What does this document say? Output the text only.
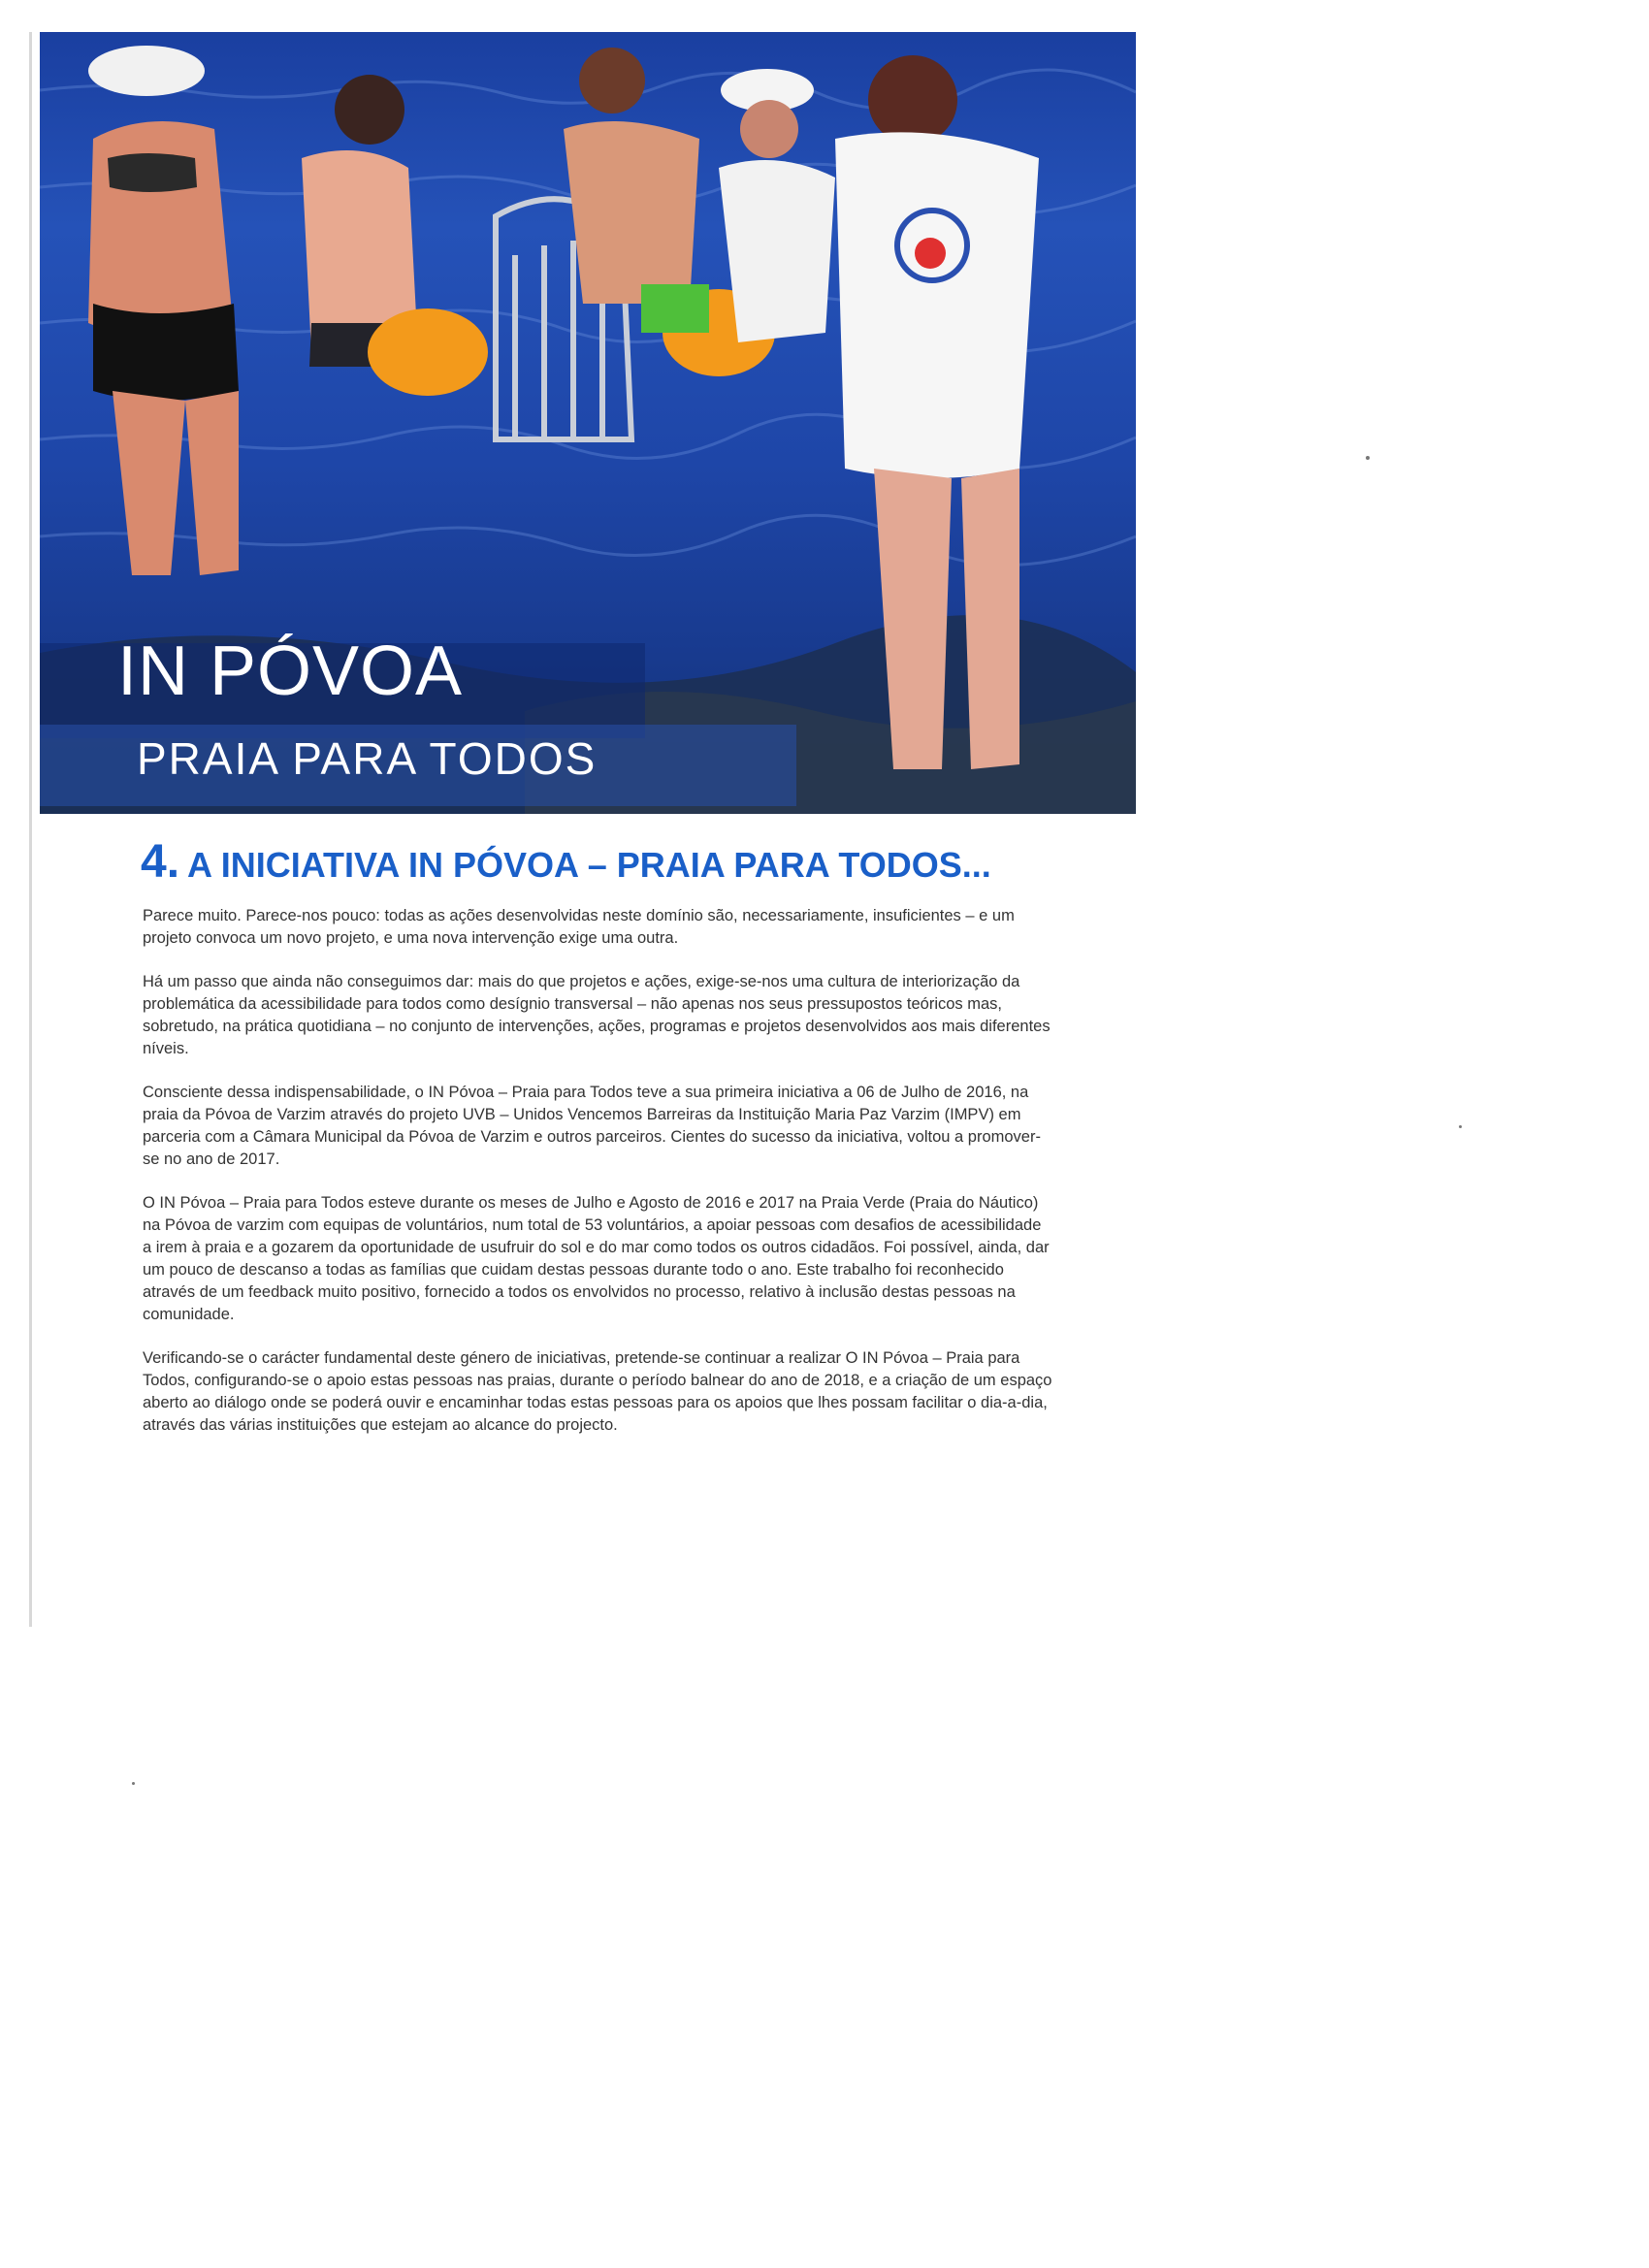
IN PÓVOA
PRAIA PARA TODOS
4. A INICIATIVA IN PÓVOA – PRAIA PARA TODOS...

Parece muito. Parece-nos pouco: todas as ações desenvolvidas neste domínio são, necessariamente, insuficientes – e um projeto convoca um novo projeto, e uma nova intervenção exige uma outra.

Há um passo que ainda não conseguimos dar: mais do que projetos e ações, exige-se-nos uma cultura de interiorização da problemática da acessibilidade para todos como desígnio transversal – não apenas nos seus pressupostos teóricos mas, sobretudo, na prática quotidiana – no conjunto de intervenções, ações, programas e projetos desenvolvidos aos mais diferentes níveis.

Consciente dessa indispensabilidade, o IN Póvoa – Praia para Todos teve a sua primeira iniciativa a 06 de Julho de 2016, na praia da Póvoa de Varzim através do projeto UVB – Unidos Vencemos Barreiras da Instituição Maria Paz Varzim (IMPV) em parceria com a Câmara Municipal da Póvoa de Varzim e outros parceiros. Cientes do sucesso da iniciativa, voltou a promover-se no ano de 2017.

O IN Póvoa – Praia para Todos esteve durante os meses de Julho e Agosto de 2016 e 2017 na Praia Verde (Praia do Náutico) na Póvoa de varzim com equipas de voluntários, num total de 53 voluntários, a apoiar pessoas com desafios de acessibilidade a irem à praia e a gozarem da oportunidade de usufruir do sol e do mar como todos os outros cidadãos. Foi possível, ainda, dar um pouco de descanso a todas as famílias que cuidam destas pessoas durante todo o ano. Este trabalho foi reconhecido através de um feedback muito positivo, fornecido a todos os envolvidos no processo, relativo à inclusão destas pessoas na comunidade.

Verificando-se o carácter fundamental deste género de iniciativas, pretende-se continuar a realizar O IN Póvoa – Praia para Todos, configurando-se o apoio estas pessoas nas praias, durante o período balnear do ano de 2018, e a criação de um espaço aberto ao diálogo onde se poderá ouvir e encaminhar todas estas pessoas para os apoios que lhes possam facilitar o dia-a-dia, através das várias instituições que estejam ao alcance do projecto.
